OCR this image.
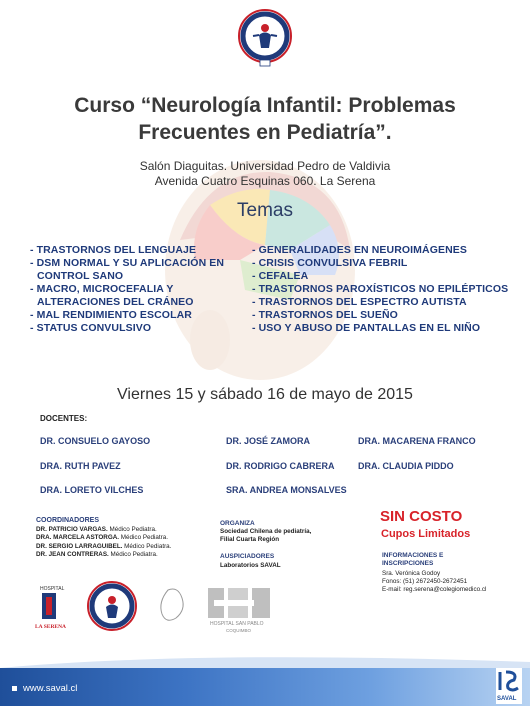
Curso “Neurología Infantil: Problemas Frecuentes en Pediatría”.
Salón Diaguitas. Universidad Pedro de Valdivia
Avenida Cuatro Esquinas 060. La Serena
Temas
- TRASTORNOS DEL LENGUAJE
- DSM NORMAL Y SU APLICACIÓN EN
CONTROL SANO
- MACRO, MICROCEFALIA Y
ALTERACIONES DEL CRÁNEO
- MAL RENDIMIENTO ESCOLAR
- STATUS CONVULSIVO
- GENERALIDADES EN NEUROIMÁGENES
- CRISIS CONVULSIVA FEBRIL
- CEFALEA
- TRASTORNOS PAROXÍSTICOS NO EPILÉPTICOS
- TRASTORNOS DEL ESPECTRO AUTISTA
- TRASTORNOS DEL SUEÑO
- USO Y ABUSO DE PANTALLAS EN EL NIÑO
Viernes 15 y sábado 16 de mayo de 2015
DOCENTES:
DR. CONSUELO GAYOSO	DR. JOSÉ ZAMORA	DRA. MACARENA FRANCO
DRA. RUTH PAVEZ	DR. RODRIGO CABRERA	DRA. CLAUDIA PIDDO
DRA. LORETO VILCHES	SRA. ANDREA MONSALVES
COORDINADORES
DR. PATRICIO VARGAS. Médico Pediatra.
DRA. MARCELA ASTORGA. Médico Pediatra.
DR. SERGIO LARRAGUIBEL. Médico Pediatra.
DR. JEAN CONTRERAS. Médico Pediatra.
ORGANIZA
Sociedad Chilena de pediatría,
Filial Cuarta Región
AUSPICIADORES
Laboratorios SAVAL
SIN COSTO
Cupos Limitados
INFORMACIONES E INSCRIPCIONES
Sra. Verónica Godoy
Fonos: (51) 2672450-2672451
E-mail: reg.serena@colegiomedico.cl
HOSPITAL
LA SERENA	HOSPITAL SAN PABLO
COQUIMBO
www.saval.cl
SAVAL
